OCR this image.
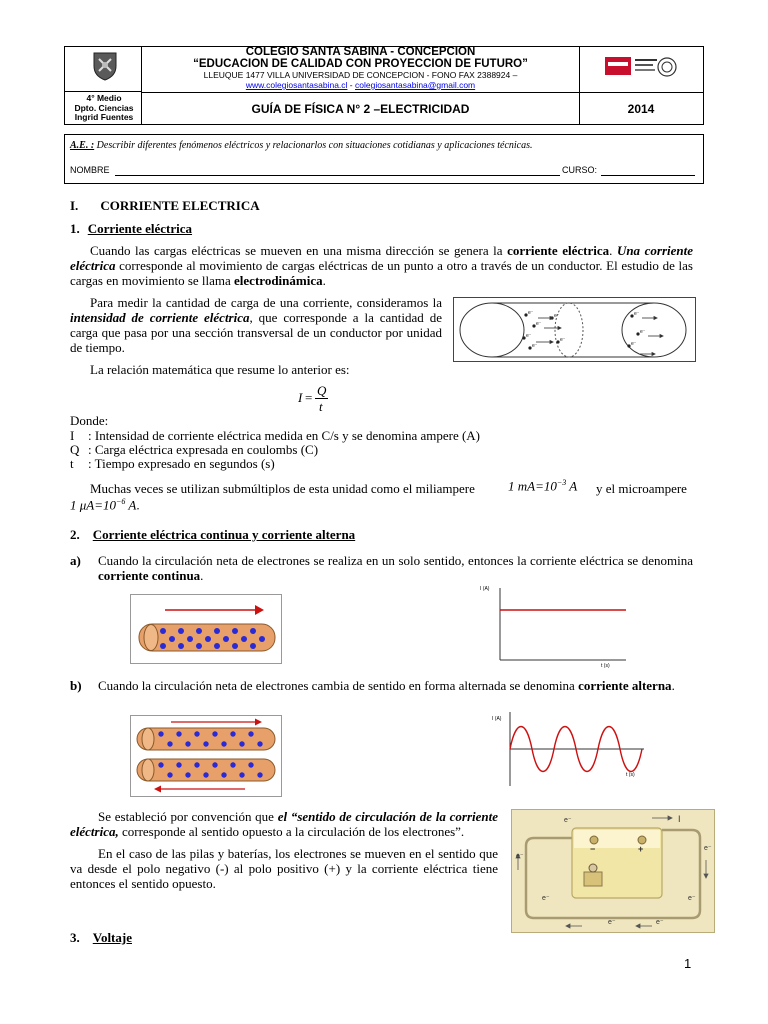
4° Medio
Dpto. Ciencias
Ingrid Fuentes
COLEGIO SANTA SABINA - CONCEPCION
“EDUCACION DE CALIDAD CON PROYECCION DE FUTURO”
LLEUQUE 1477 VILLA UNIVERSIDAD DE CONCEPCION - FONO FAX 2388924 –
www.colegiosantasabina.cl - colegiosantasabina@gmail.com
GUÍA DE FÍSICA N° 2 –ELECTRICIDAD	2014
A.E. : Describir diferentes fenómenos eléctricos y relacionarlos con situaciones cotidianas y aplicaciones técnicas.
NOMBRE	CURSO:
I. CORRIENTE ELECTRICA
1. Corriente eléctrica
Cuando las cargas eléctricas se mueven en una misma dirección se genera la corriente eléctrica. Una corriente eléctrica corresponde al movimiento de cargas eléctricas de un punto a otro a través de un conductor. El estudio de las cargas en movimiento se llama electrodinámica.
Para medir la cantidad de carga de una corriente, consideramos la intensidad de corriente eléctrica, que corresponde a la cantidad de carga que pasa por una sección transversal de un conductor por unidad de tiempo.
e⁻
e⁻
e⁻
e⁻
e⁻
e⁻
e⁻
e⁻
e⁻
La relación matemática que resume lo anterior es:
I = Q
t
Donde:
I : Intensidad de corriente eléctrica medida en C/s y se denomina ampere (A)
Q : Carga eléctrica expresada en coulombs (C)
t : Tiempo expresado en segundos (s)
Muchas veces se utilizan submúltiplos de esta unidad como el miliampere	1 $mA=10^{-3}$ A y el microampere
1 $\mu A=10^{-6}$ A.
2. Corriente eléctrica continua y corriente alterna
a) Cuando la circulación neta de electrones se realiza en un solo sentido, entonces la corriente eléctrica se denomina corriente continua.
I (A)
t (s)
b) Cuando la circulación neta de electrones cambia de sentido en forma alternada se denomina corriente alterna.
I (A)
t (s)
Se estableció por convención que el “sentido de circulación de la corriente eléctrica, corresponde al sentido opuesto a la circulación de los electrones”.
En el caso de las pilas y baterías, los electrones se mueven en el sentido que va desde el polo negativo (-) al polo positivo (+) y la corriente eléctrica tiene entonces el sentido opuesto.
e⁻	I
e⁻
e⁻
e⁻	e⁻
e⁻	e⁻
−	+
3. Voltaje
1
